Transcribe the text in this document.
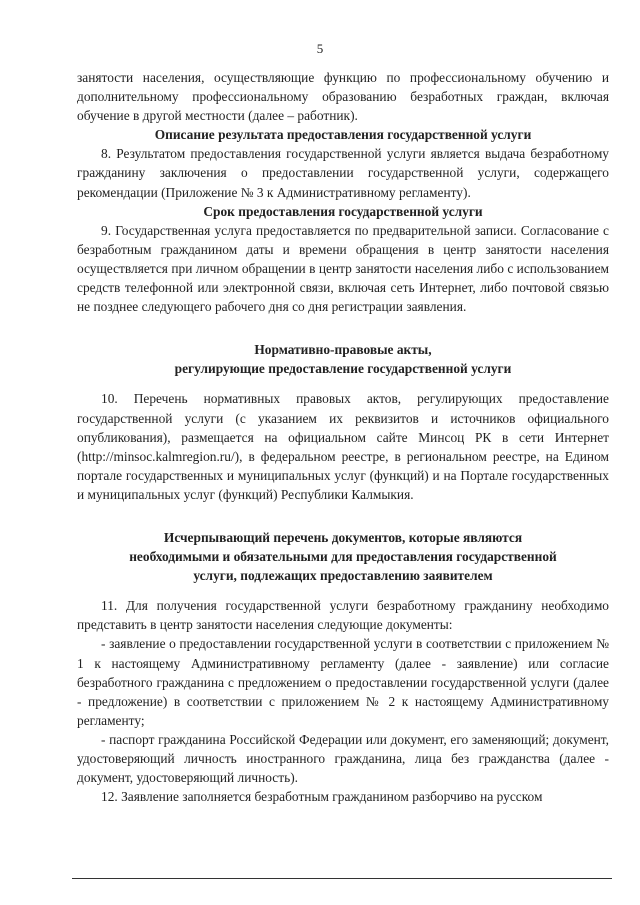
5

занятости населения, осуществляющие функцию по профессиональному обучению и дополнительному профессиональному образованию безработных граждан, включая обучение в другой местности (далее – работник).

Описание результата предоставления государственной услуги

8. Результатом предоставления государственной услуги является выдача безработному гражданину заключения о предоставлении государственной услуги, содержащего рекомендации (Приложение № 3 к Административному регламенту).

Срок предоставления государственной услуги

9. Государственная услуга предоставляется по предварительной записи. Согласование с безработным гражданином даты и времени обращения в центр занятости населения осуществляется при личном обращении в центр занятости населения либо с использованием средств телефонной или электронной связи, включая сеть Интернет, либо почтовой связью не позднее следующего рабочего дня со дня регистрации заявления.

Нормативно-правовые акты,
регулирующие предоставление государственной услуги

10. Перечень нормативных правовых актов, регулирующих предоставление государственной услуги (с указанием их реквизитов и источников официального опубликования), размещается на официальном сайте Минсоц РК в сети Интернет (http://minsoc.kalmregion.ru/), в федеральном реестре, в региональном реестре, на Едином портале государственных и муниципальных услуг (функций) и на Портале государственных и муниципальных услуг (функций) Республики Калмыкия.

Исчерпывающий перечень документов, которые являются
необходимыми и обязательными для предоставления государственной
услуги, подлежащих предоставлению заявителем

11. Для получения государственной услуги безработному гражданину необходимо представить в центр занятости населения следующие документы:

- заявление о предоставлении государственной услуги в соответствии с приложением № 1 к настоящему Административному регламенту (далее - заявление) или согласие безработного гражданина с предложением о предоставлении государственной услуги (далее - предложение) в соответствии с приложением № 2 к настоящему Административному регламенту;

- паспорт гражданина Российской Федерации или документ, его заменяющий; документ, удостоверяющий личность иностранного гражданина, лица без гражданства (далее - документ, удостоверяющий личность).

12. Заявление заполняется безработным гражданином разборчиво на русском
